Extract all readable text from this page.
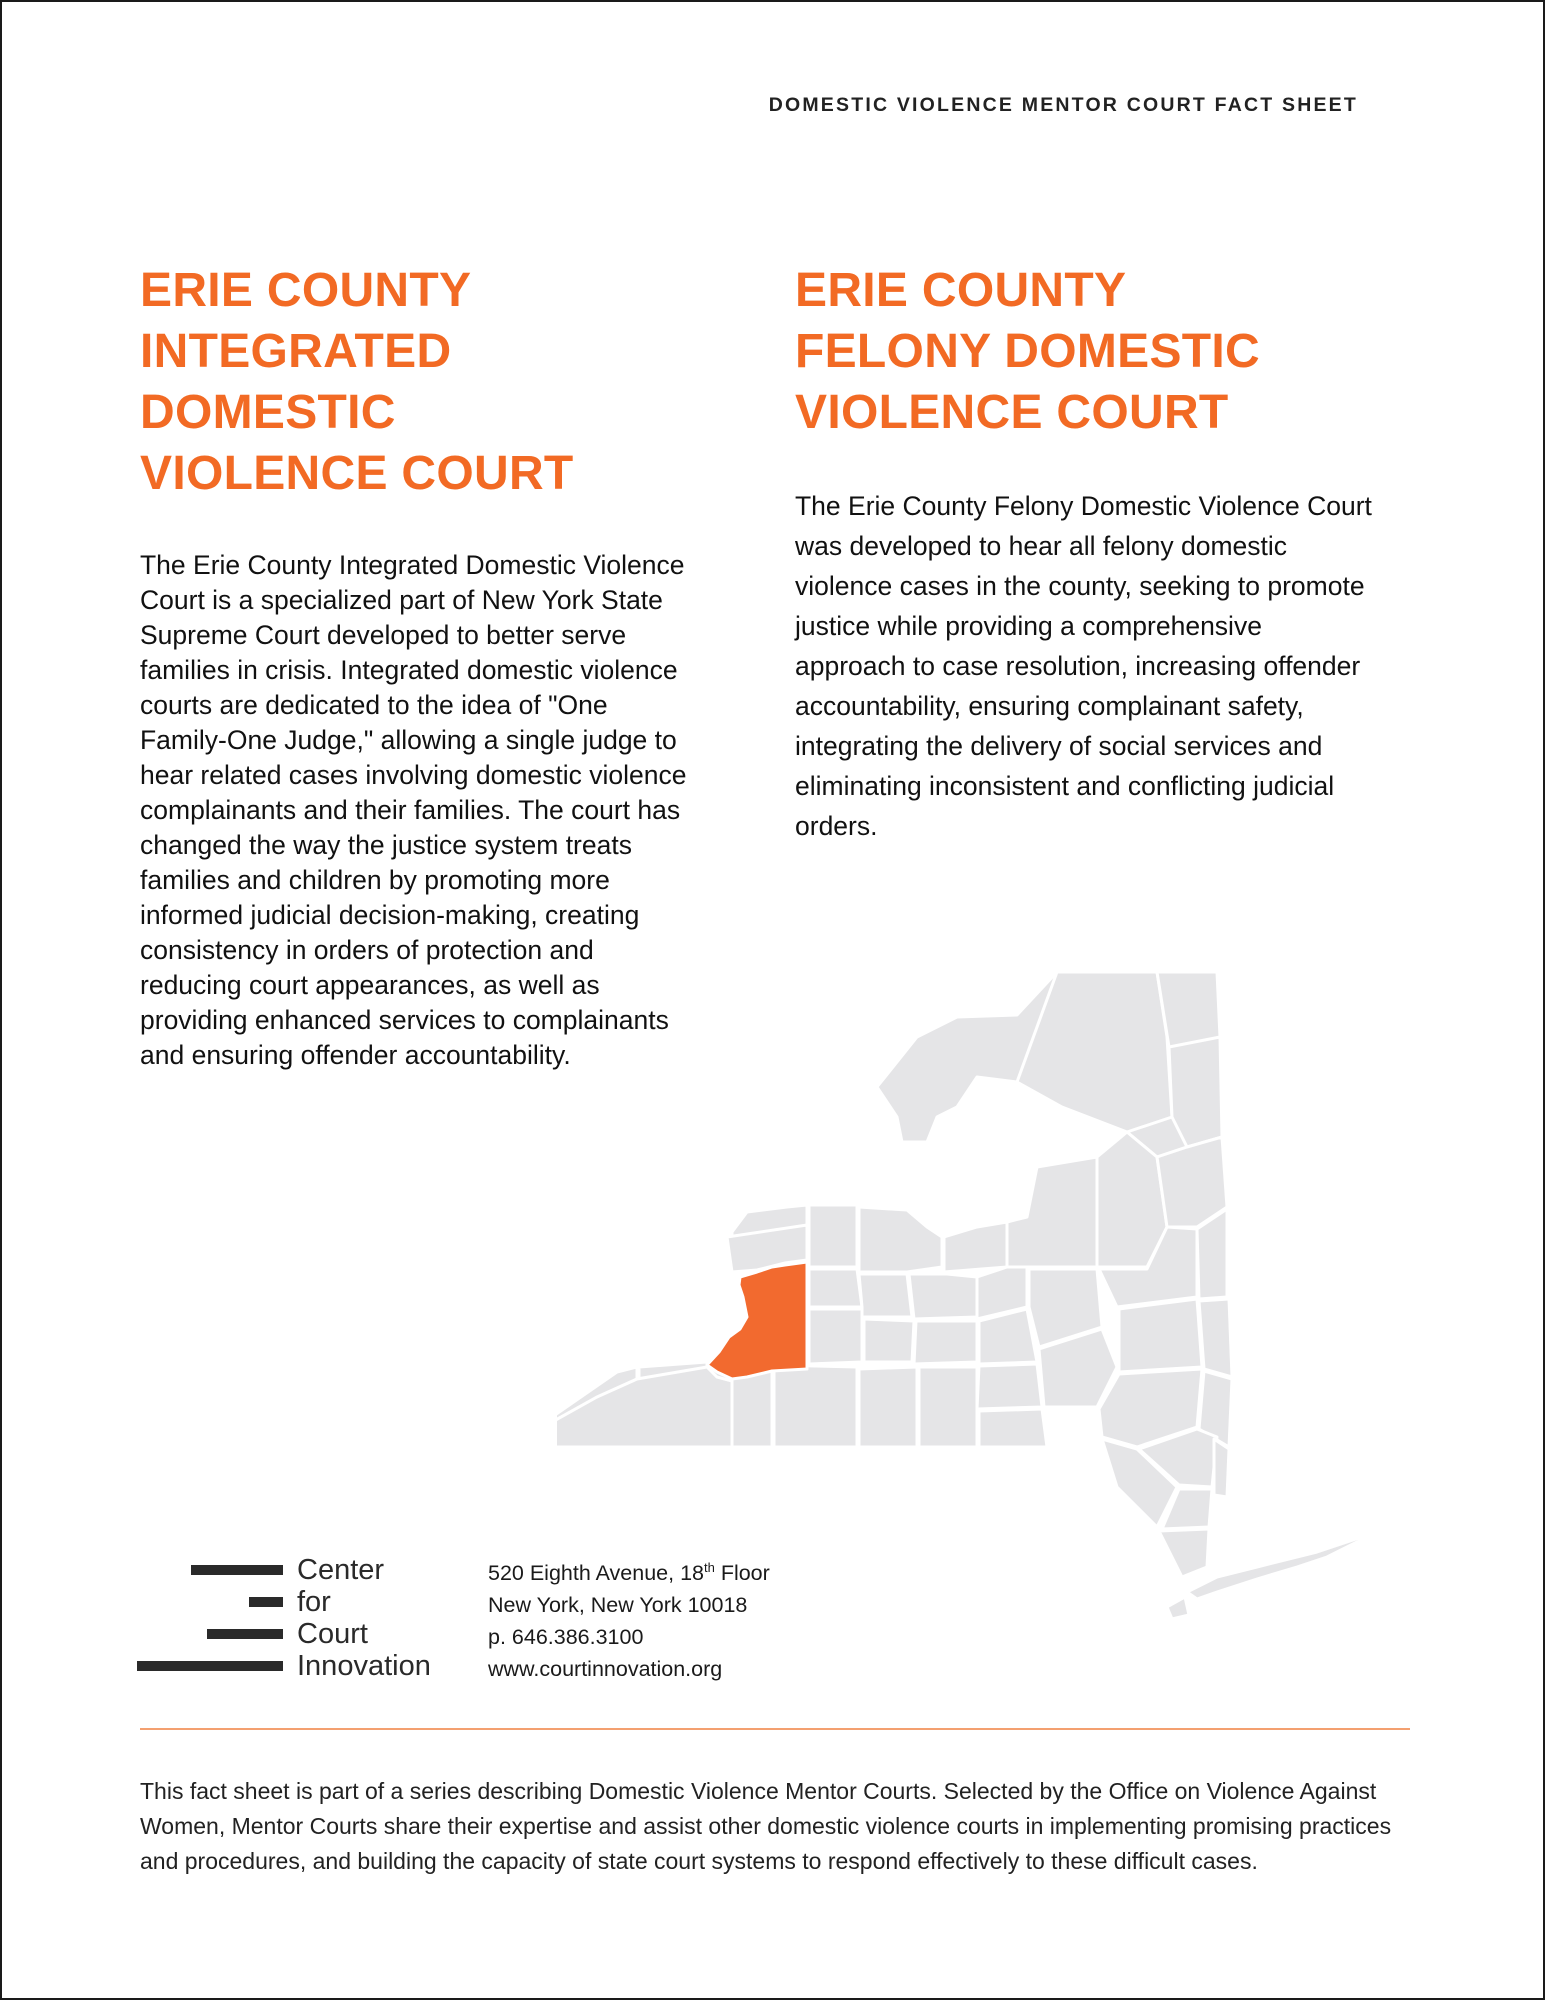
DOMESTIC VIOLENCE MENTOR COURT FACT SHEET
ERIE COUNTY
INTEGRATED
DOMESTIC
VIOLENCE COURT

The Erie County Integrated Domestic Violence Court is a specialized part of New York State Supreme Court developed to better serve families in crisis. Integrated domestic violence courts are dedicated to the idea of "One Family-One Judge," allowing a single judge to hear related cases involving domestic violence complainants and their families. The court has changed the way the justice system treats families and children by promoting more informed judicial decision-making, creating consistency in orders of protection and reducing court appearances, as well as providing enhanced services to complainants and ensuring offender accountability.

ERIE COUNTY
FELONY DOMESTIC
VIOLENCE COURT

The Erie County Felony Domestic Violence Court was developed to hear all felony domestic violence cases in the county, seeking to promote justice while providing a comprehensive approach to case resolution, increasing offender accountability, ensuring complainant safety, integrating the delivery of social services and eliminating inconsistent and conflicting judicial orders.

Center
for
Court
Innovation
520 Eighth Avenue, 18th Floor
New York, New York 10018
p. 646.386.3100
www.courtinnovation.org

This fact sheet is part of a series describing Domestic Violence Mentor Courts. Selected by the Office on Violence Against Women, Mentor Courts share their expertise and assist other domestic violence courts in implementing promising practices and procedures, and building the capacity of state court systems to respond effectively to these difficult cases.
